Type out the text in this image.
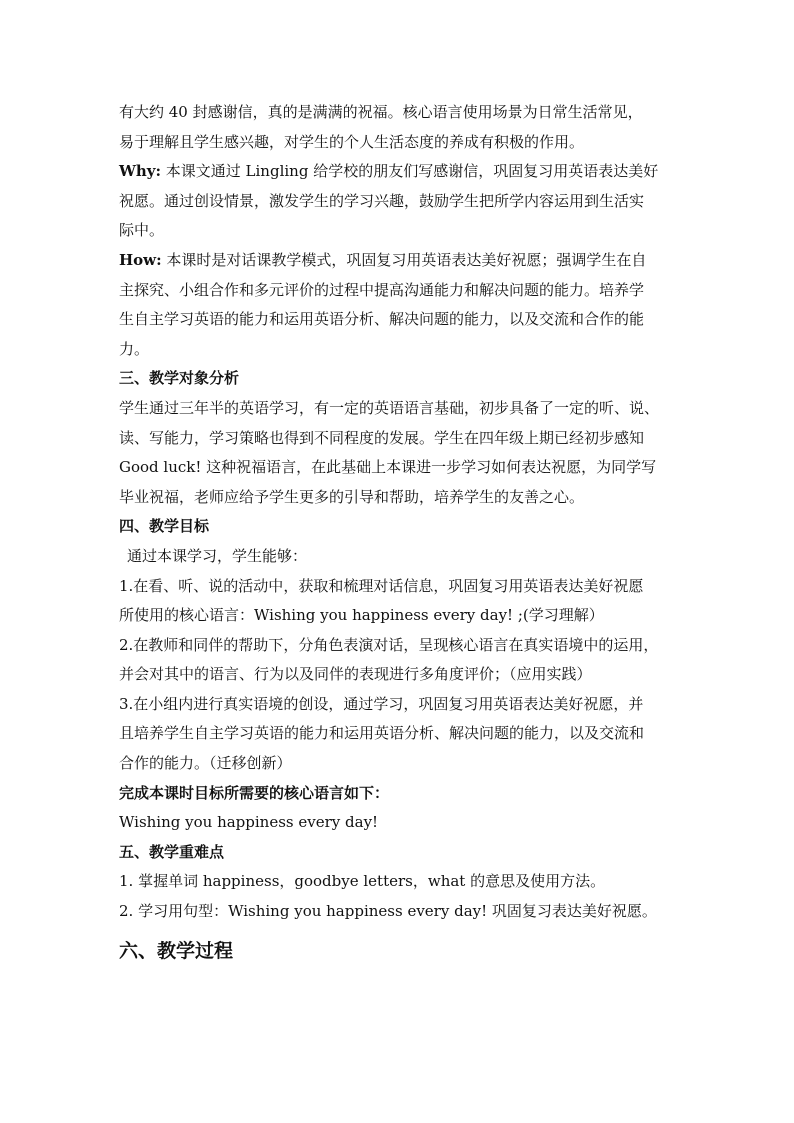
有大约 40 封感谢信，真的是满满的祝福。核心语言使用场景为日常生活常见，
易于理解且学生感兴趣，对学生的个人生活态度的养成有积极的作用。
Why: 本课文通过 Lingling 给学校的朋友们写感谢信，巩固复习用英语表达美好
祝愿。通过创设情景，激发学生的学习兴趣，鼓励学生把所学内容运用到生活实
际中。
How: 本课时是对话课教学模式，巩固复习用英语表达美好祝愿；强调学生在自
主探究、小组合作和多元评价的过程中提高沟通能力和解决问题的能力。培养学
生自主学习英语的能力和运用英语分析、解决问题的能力，以及交流和合作的能
力。
三、教学对象分析
学生通过三年半的英语学习，有一定的英语语言基础，初步具备了一定的听、说、
读、写能力，学习策略也得到不同程度的发展。学生在四年级上期已经初步感知
Good luck! 这种祝福语言，在此基础上本课进一步学习如何表达祝愿，为同学写
毕业祝福，老师应给予学生更多的引导和帮助，培养学生的友善之心。
四、教学目标
通过本课学习，学生能够：
1.在看、听、说的活动中，获取和梳理对话信息，巩固复习用英语表达美好祝愿
所使用的核心语言：Wishing you happiness every day! ;(学习理解）
2.在教师和同伴的帮助下，分角色表演对话，呈现核心语言在真实语境中的运用，
并会对其中的语言、行为以及同伴的表现进行多角度评价；（应用实践）
3.在小组内进行真实语境的创设，通过学习，巩固复习用英语表达美好祝愿，并
且培养学生自主学习英语的能力和运用英语分析、解决问题的能力，以及交流和
合作的能力。（迁移创新）
完成本课时目标所需要的核心语言如下：
Wishing you happiness every day!
五、教学重难点
1. 掌握单词 happiness，goodbye letters，what 的意思及使用方法。
2. 学习用句型：Wishing you happiness every day! 巩固复习表达美好祝愿。
六、教学过程
